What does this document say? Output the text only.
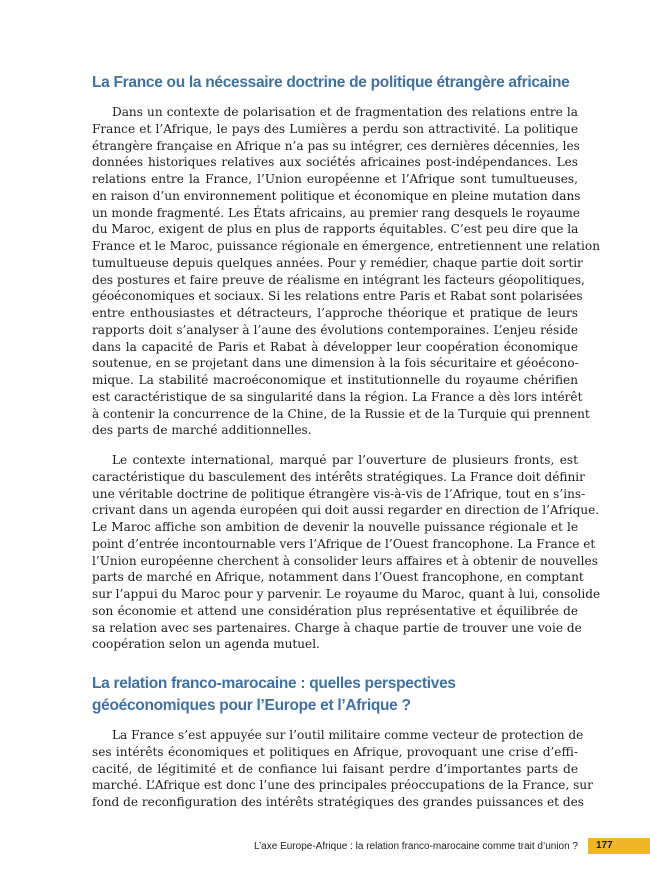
La France ou la nécessaire doctrine de politique étrangère africaine

Dans un contexte de polarisation et de fragmentation des relations entre la
France et l’Afrique, le pays des Lumières a perdu son attractivité. La politique
étrangère française en Afrique n’a pas su intégrer, ces dernières décennies, les
données historiques relatives aux sociétés africaines post-indépendances. Les
relations entre la France, l’Union européenne et l’Afrique sont tumultueuses,
en raison d’un environnement politique et économique en pleine mutation dans
un monde fragmenté. Les États africains, au premier rang desquels le royaume
du Maroc, exigent de plus en plus de rapports équitables. C’est peu dire que la
France et le Maroc, puissance régionale en émergence, entretiennent une relation
tumultueuse depuis quelques années. Pour y remédier, chaque partie doit sortir
des postures et faire preuve de réalisme en intégrant les facteurs géopolitiques,
géoéconomiques et sociaux. Si les relations entre Paris et Rabat sont polarisées
entre enthousiastes et détracteurs, l’approche théorique et pratique de leurs
rapports doit s’analyser à l’aune des évolutions contemporaines. L’enjeu réside
dans la capacité de Paris et Rabat à développer leur coopération économique
soutenue, en se projetant dans une dimension à la fois sécuritaire et géoécono-
mique. La stabilité macroéconomique et institutionnelle du royaume chérifien
est caractéristique de sa singularité dans la région. La France a dès lors intérêt
à contenir la concurrence de la Chine, de la Russie et de la Turquie qui prennent
des parts de marché additionnelles.

Le contexte international, marqué par l’ouverture de plusieurs fronts, est
caractéristique du basculement des intérêts stratégiques. La France doit définir
une véritable doctrine de politique étrangère vis-à-vis de l’Afrique, tout en s’ins-
crivant dans un agenda européen qui doit aussi regarder en direction de l’Afrique.
Le Maroc affiche son ambition de devenir la nouvelle puissance régionale et le
point d’entrée incontournable vers l’Afrique de l’Ouest francophone. La France et
l’Union européenne cherchent à consolider leurs affaires et à obtenir de nouvelles
parts de marché en Afrique, notamment dans l’Ouest francophone, en comptant
sur l’appui du Maroc pour y parvenir. Le royaume du Maroc, quant à lui, consolide
son économie et attend une considération plus représentative et équilibrée de
sa relation avec ses partenaires. Charge à chaque partie de trouver une voie de
coopération selon un agenda mutuel.

La relation franco-marocaine : quelles perspectives
géoéconomiques pour l’Europe et l’Afrique ?

La France s’est appuyée sur l’outil militaire comme vecteur de protection de
ses intérêts économiques et politiques en Afrique, provoquant une crise d’effi-
cacité, de légitimité et de confiance lui faisant perdre d’importantes parts de
marché. L’Afrique est donc l’une des principales préoccupations de la France, sur
fond de reconfiguration des intérêts stratégiques des grandes puissances et des

L’axe Europe-Afrique : la relation franco-marocaine comme trait d’union ?	177
